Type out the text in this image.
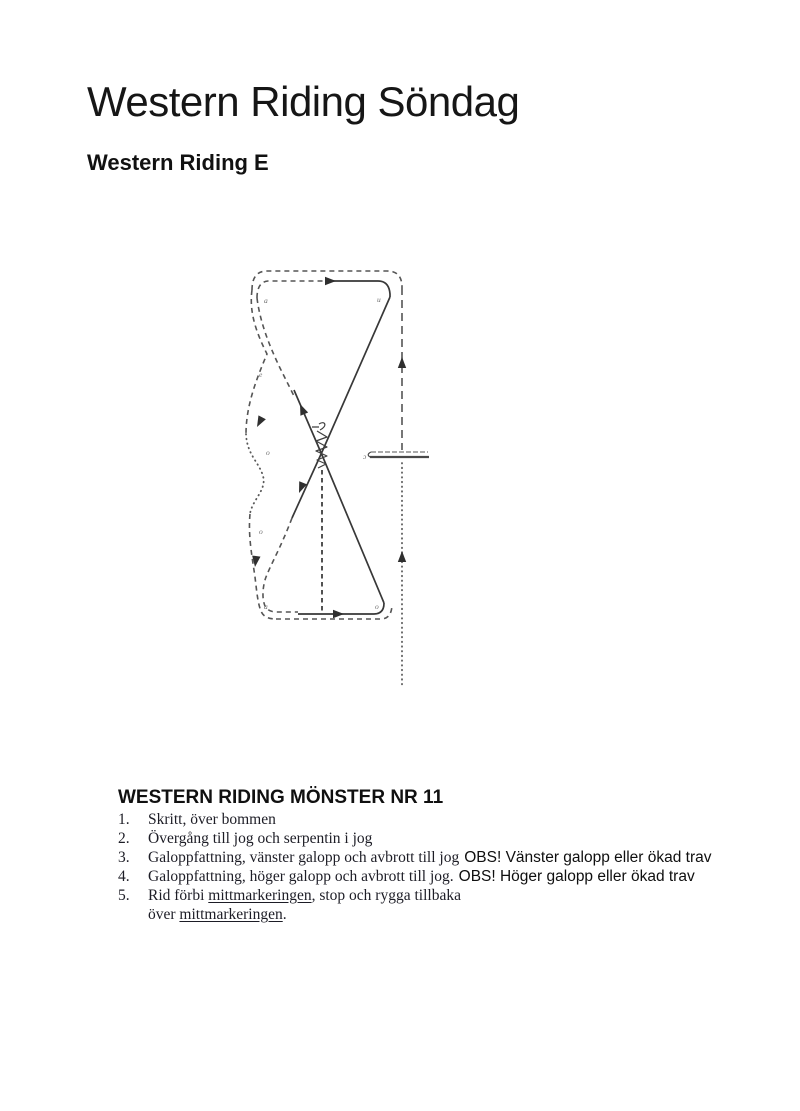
Western Riding Söndag
Western Riding E
a	u
e
o
o
a	o
ɔ
WESTERN RIDING MÖNSTER NR 11
1.	Skritt, över bommen
2.	Övergång till jog och serpentin i jog
3.	Galoppfattning, vänster galopp och avbrott till jog OBS! Vänster galopp eller ökad trav
4.	Galoppfattning, höger galopp och avbrott till jog. OBS! Höger galopp eller ökad trav
5.	Rid förbi mittmarkeringen, stop och rygga tillbaka
över mittmarkeringen.
